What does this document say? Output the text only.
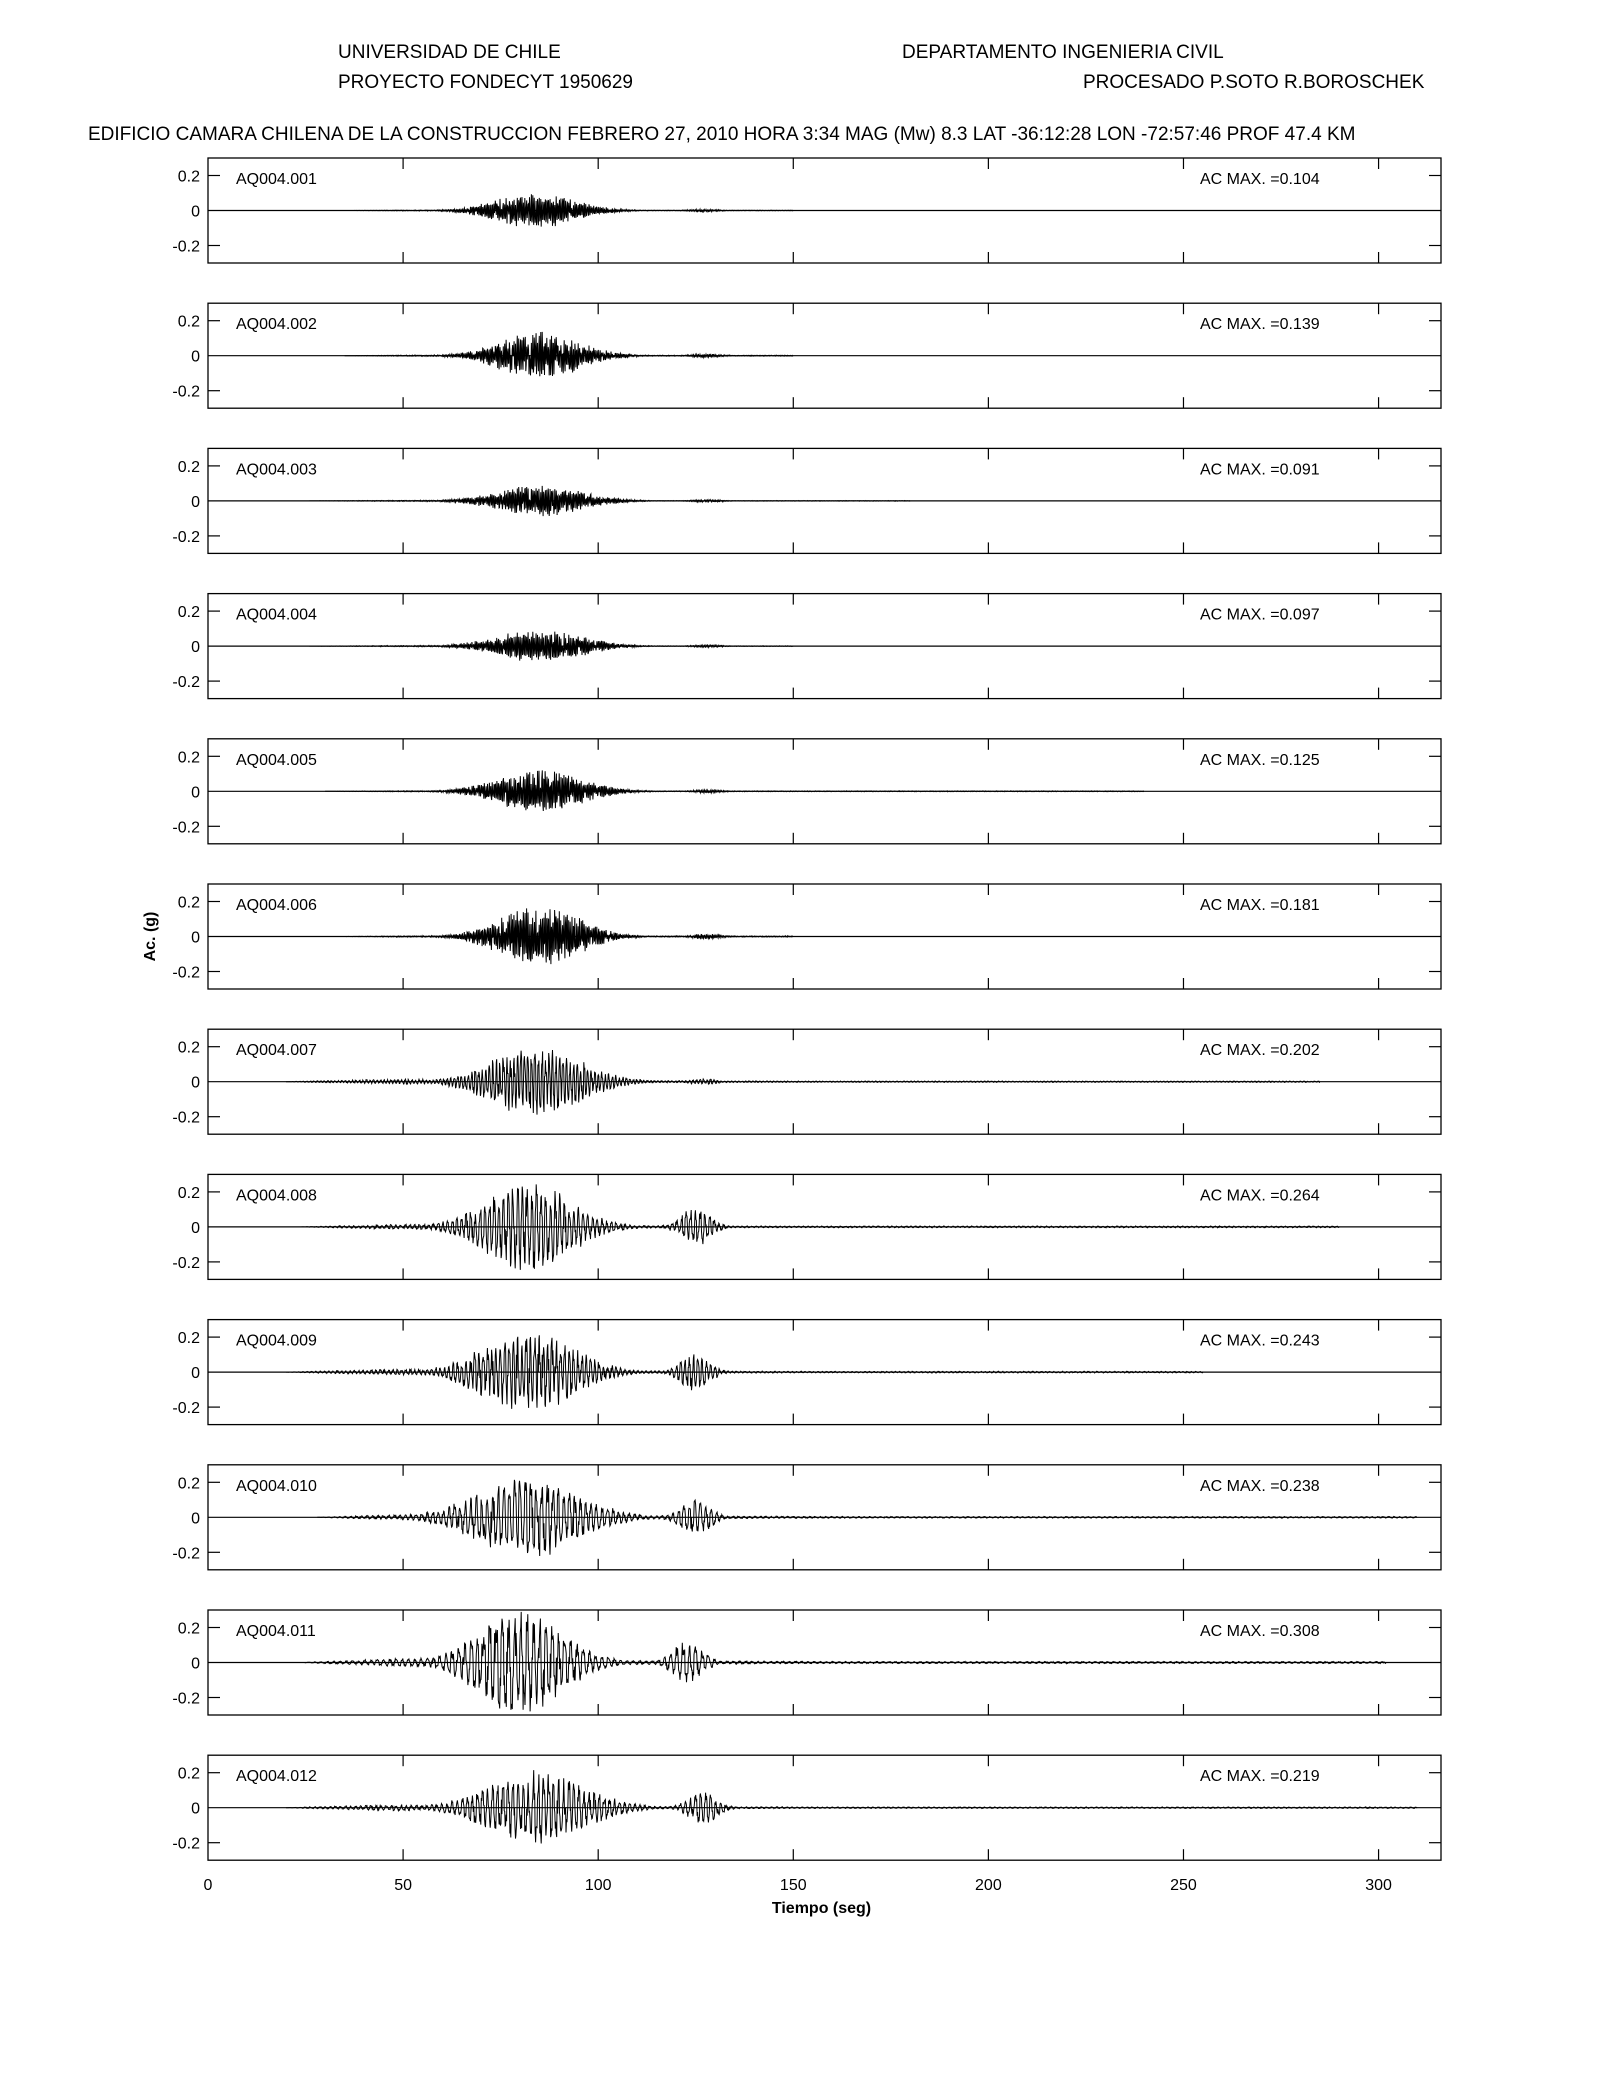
UNIVERSIDAD DE CHILE
PROYECTO FONDECYT 1950629
DEPARTAMENTO INGENIERIA CIVIL
PROCESADO P.SOTO R.BOROSCHEK
EDIFICIO CAMARA CHILENA DE LA CONSTRUCCION FEBRERO 27, 2010 HORA 3:34 MAG (Mw) 8.3 LAT -36:12:28 LON -72:57:46 PROF 47.4 KM
-0.2
0
0.2 AQ004.001	AC MAX. =0.104
-0.2
0
0.2 AQ004.002	AC MAX. =0.139
-0.2
0
0.2 AQ004.003	AC MAX. =0.091
-0.2
0
0.2 AQ004.004	AC MAX. =0.097
-0.2
0
0.2 AQ004.005	AC MAX. =0.125
-0.2
0
0.2 AQ004.006	AC MAX. =0.181
-0.2
0
0.2 AQ004.007	AC MAX. =0.202
-0.2
0
0.2 AQ004.008	AC MAX. =0.264
-0.2
0
0.2 AQ004.009	AC MAX. =0.243
-0.2
0
0.2 AQ004.010	AC MAX. =0.238
-0.2
0
0.2 AQ004.011	AC MAX. =0.308
-0.2
0
0.2 AQ004.012	AC MAX. =0.219
0	50	100	150	200	250	300
Tiempo (seg)
Ac. (g)
